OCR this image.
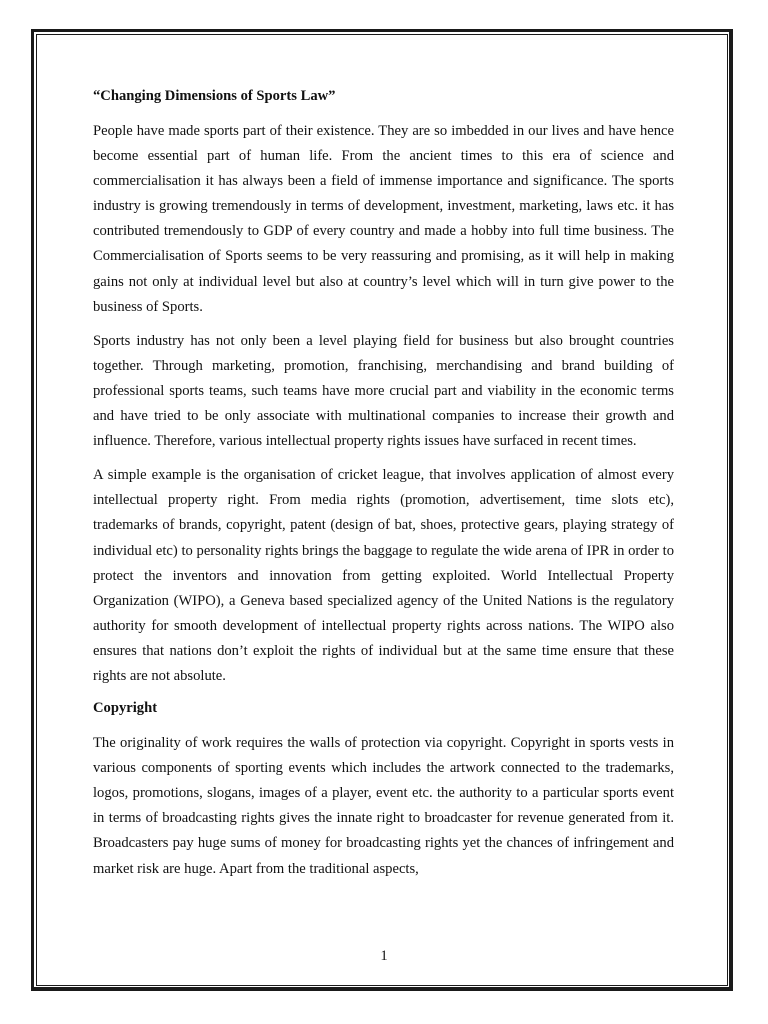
“Changing Dimensions of Sports Law”

People have made sports part of their existence. They are so imbedded in our lives and have hence become essential part of human life. From the ancient times to this era of science and commercialisation it has always been a field of immense importance and significance. The sports industry is growing tremendously in terms of development, investment, marketing, laws etc. it has contributed tremendously to GDP of every country and made a hobby into full time business. The Commercialisation of Sports seems to be very reassuring and promising, as it will help in making gains not only at individual level but also at country’s level which will in turn give power to the business of Sports.

Sports industry has not only been a level playing field for business but also brought countries together. Through marketing, promotion, franchising, merchandising and brand building of professional sports teams, such teams have more crucial part and viability in the economic terms and have tried to be only associate with multinational companies to increase their growth and influence. Therefore, various intellectual property rights issues have surfaced in recent times.

A simple example is the organisation of cricket league, that involves application of almost every intellectual property right. From media rights (promotion, advertisement, time slots etc), trademarks of brands, copyright, patent (design of bat, shoes, protective gears, playing strategy of individual etc) to personality rights brings the baggage to regulate the wide arena of IPR in order to protect the inventors and innovation from getting exploited. World Intellectual Property Organization (WIPO), a Geneva based specialized agency of the United Nations is the regulatory authority for smooth development of intellectual property rights across nations. The WIPO also ensures that nations don’t exploit the rights of individual but at the same time ensure that these rights are not absolute.

Copyright

The originality of work requires the walls of protection via copyright. Copyright in sports vests in various components of sporting events which includes the artwork connected to the trademarks, logos, promotions, slogans, images of a player, event etc. the authority to a particular sports event in terms of broadcasting rights gives the innate right to broadcaster for revenue generated from it. Broadcasters pay huge sums of money for broadcasting rights yet the chances of infringement and market risk are huge. Apart from the traditional aspects,

1
